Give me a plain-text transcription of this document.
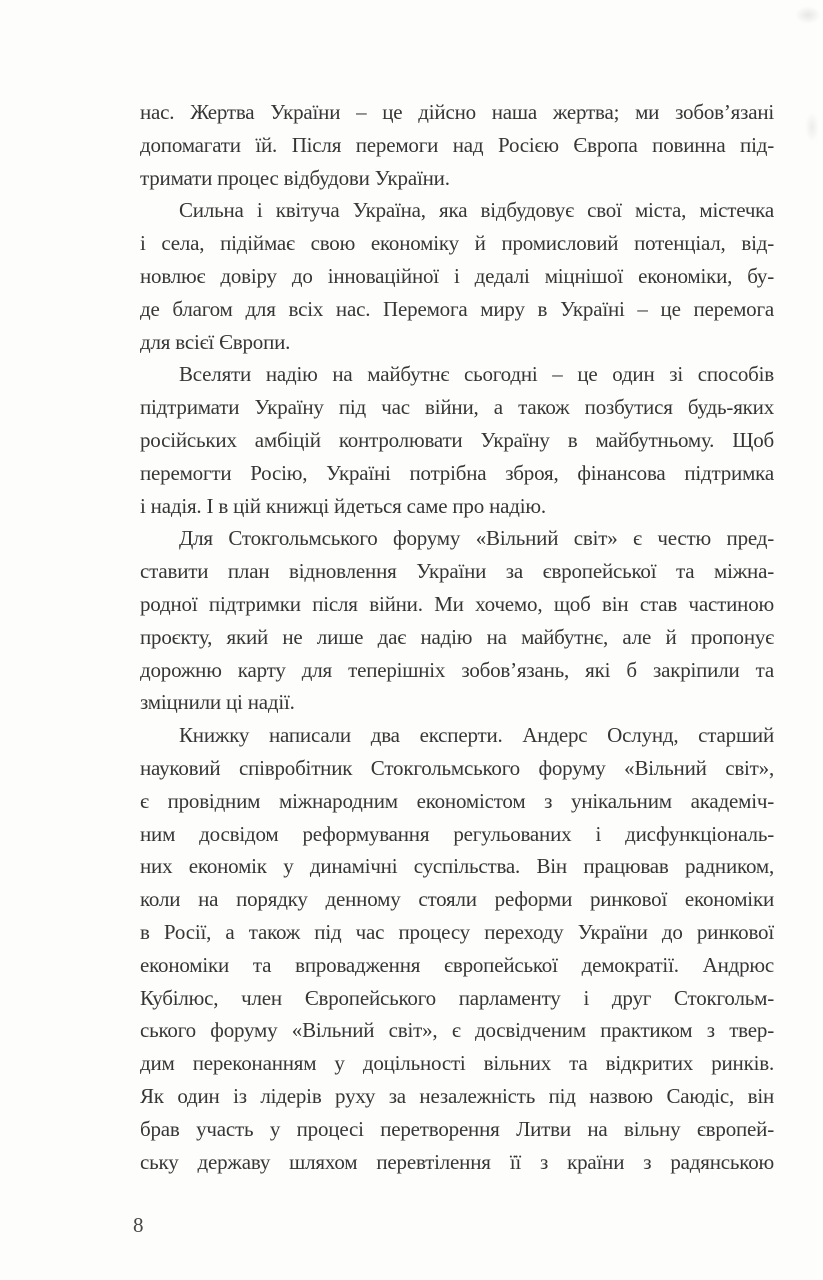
нас. Жертва України – це дійсно наша жертва; ми зобов’язані
допомагати їй. Після перемоги над Росією Європа повинна під-
тримати процес відбудови України.
Сильна і квітуча Україна, яка відбудовує свої міста, містечка
і села, підіймає свою економіку й промисловий потенціал, від-
новлює довіру до інноваційної і дедалі міцнішої економіки, бу-
де благом для всіх нас. Перемога миру в Україні – це перемога
для всієї Європи.
Вселяти надію на майбутнє сьогодні – це один зі способів
підтримати Україну під час війни, а також позбутися будь-яких
російських амбіцій контролювати Україну в майбутньому. Щоб
перемогти Росію, Україні потрібна зброя, фінансова підтримка
і надія. І в цій книжці йдеться саме про надію.
Для Стокгольмського форуму «Вільний світ» є честю пред-
ставити план відновлення України за європейської та міжна-
родної підтримки після війни. Ми хочемо, щоб він став частиною
проєкту, який не лише дає надію на майбутнє, але й пропонує
дорожню карту для теперішніх зобов’язань, які б закріпили та
зміцнили ці надії.
Книжку написали два експерти. Андерс Ослунд, старший
науковий співробітник Стокгольмського форуму «Вільний світ»,
є провідним міжнародним економістом з унікальним академіч-
ним досвідом реформування регульованих і дисфункціональ-
них економік у динамічні суспільства. Він працював радником,
коли на порядку денному стояли реформи ринкової економіки
в Росії, а також під час процесу переходу України до ринкової
економіки та впровадження європейської демократії. Андрюс
Кубілюс, член Європейського парламенту і друг Стокгольм-
ського форуму «Вільний світ», є досвідченим практиком з твер-
дим переконанням у доцільності вільних та відкритих ринків.
Як один із лідерів руху за незалежність під назвою Саюдіс, він
брав участь у процесі перетворення Литви на вільну європей-
ську державу шляхом перевтілення її з країни з радянською
8
